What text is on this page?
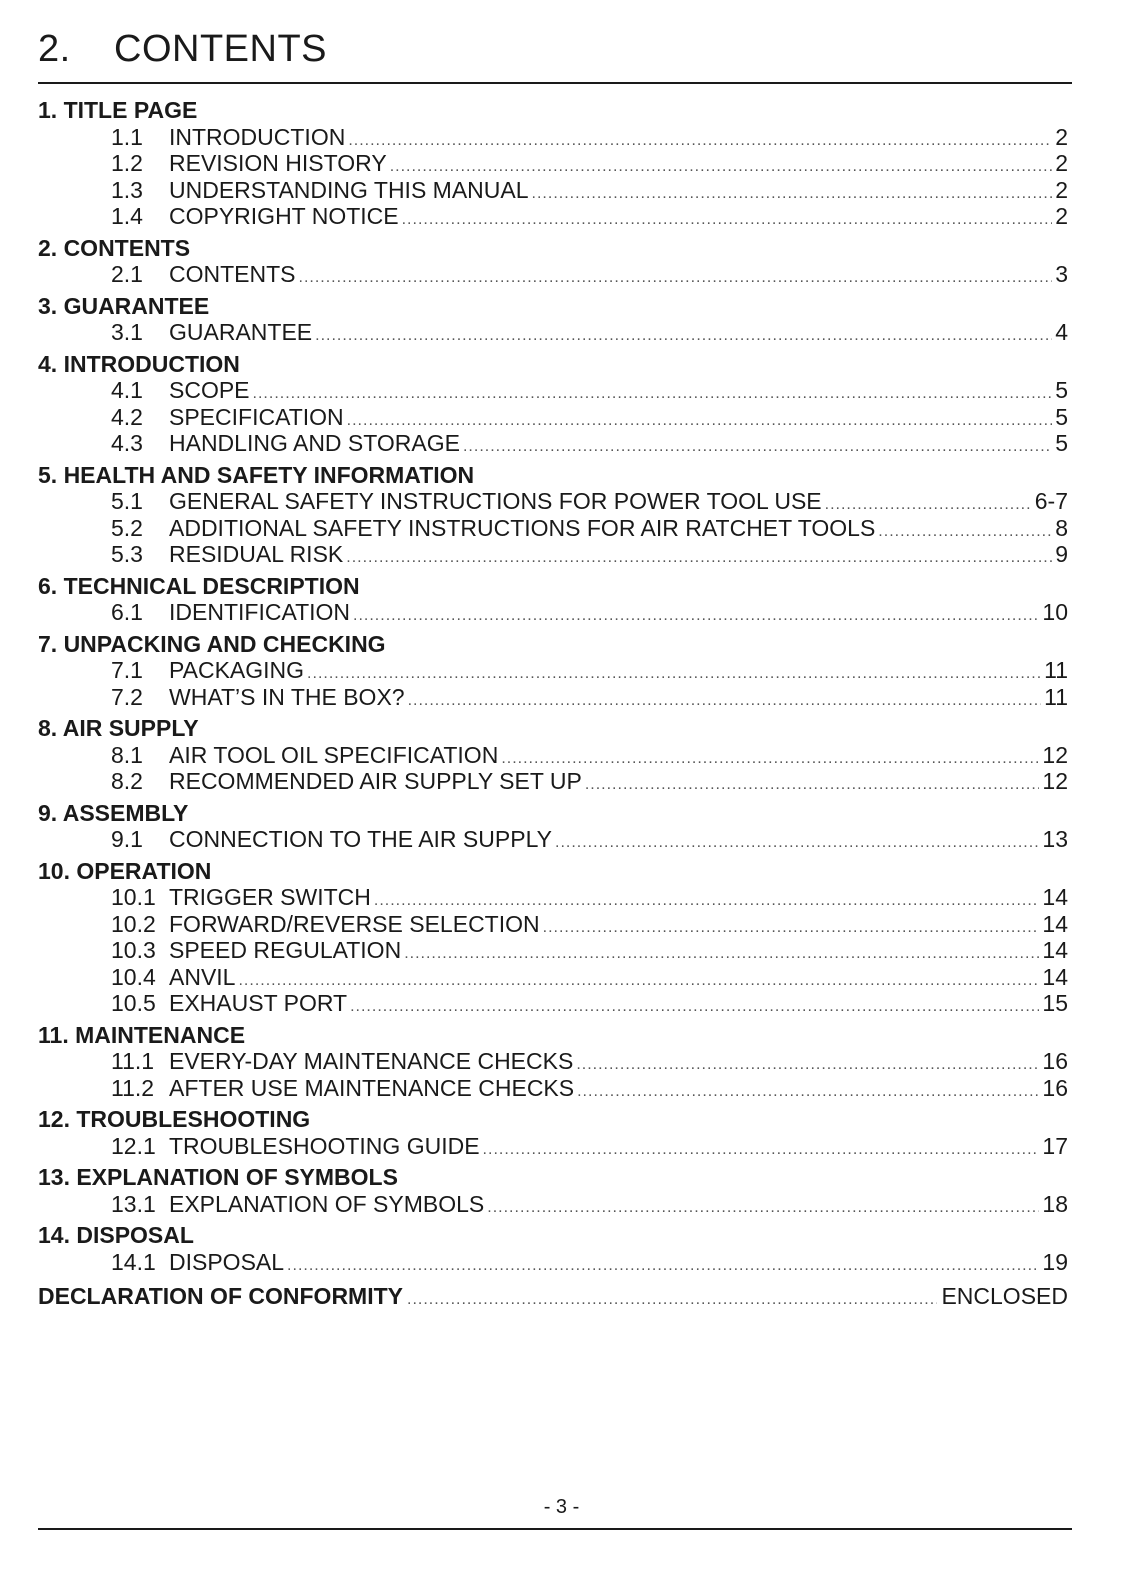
2. CONTENTS
1. TITLE PAGE
1.1	INTRODUCTION .....	2
1.2	REVISION HISTORY .....	2
1.3	UNDERSTANDING THIS MANUAL .....	2
1.4	COPYRIGHT NOTICE .....	2
2. CONTENTS
2.1	CONTENTS .....	3
3. GUARANTEE
3.1	GUARANTEE .....	4
4. INTRODUCTION
4.1	SCOPE .....	5
4.2	SPECIFICATION .....	5
4.3	HANDLING AND STORAGE .....	5
5. HEALTH AND SAFETY INFORMATION
5.1	GENERAL SAFETY INSTRUCTIONS FOR POWER TOOL USE .....	6-7
5.2	ADDITIONAL SAFETY INSTRUCTIONS FOR AIR RATCHET TOOLS .....	8
5.3	RESIDUAL RISK .....	9
6. TECHNICAL DESCRIPTION
6.1	IDENTIFICATION .....	10
7. UNPACKING AND CHECKING
7.1	PACKAGING .....	11
7.2	WHAT’S IN THE BOX? .....	11
8. AIR SUPPLY
8.1	AIR TOOL OIL SPECIFICATION .....	12
8.2	RECOMMENDED AIR SUPPLY SET UP .....	12
9. ASSEMBLY
9.1	CONNECTION TO THE AIR SUPPLY .....	13
10. OPERATION
10.1 TRIGGER SWITCH .....	14
10.2 FORWARD/REVERSE SELECTION .....	14
10.3 SPEED REGULATION .....	14
10.4 ANVIL .....	14
10.5 EXHAUST PORT .....	15
11. MAINTENANCE
11.1 EVERY-DAY MAINTENANCE CHECKS .....	16
11.2 AFTER USE MAINTENANCE CHECKS .....	16
12. TROUBLESHOOTING
12.1 TROUBLESHOOTING GUIDE .....	17
13. EXPLANATION OF SYMBOLS
13.1 EXPLANATION OF SYMBOLS .....	18
14. DISPOSAL
14.1 DISPOSAL .....	19
DECLARATION OF CONFORMITY .....	ENCLOSED
- 3 -
